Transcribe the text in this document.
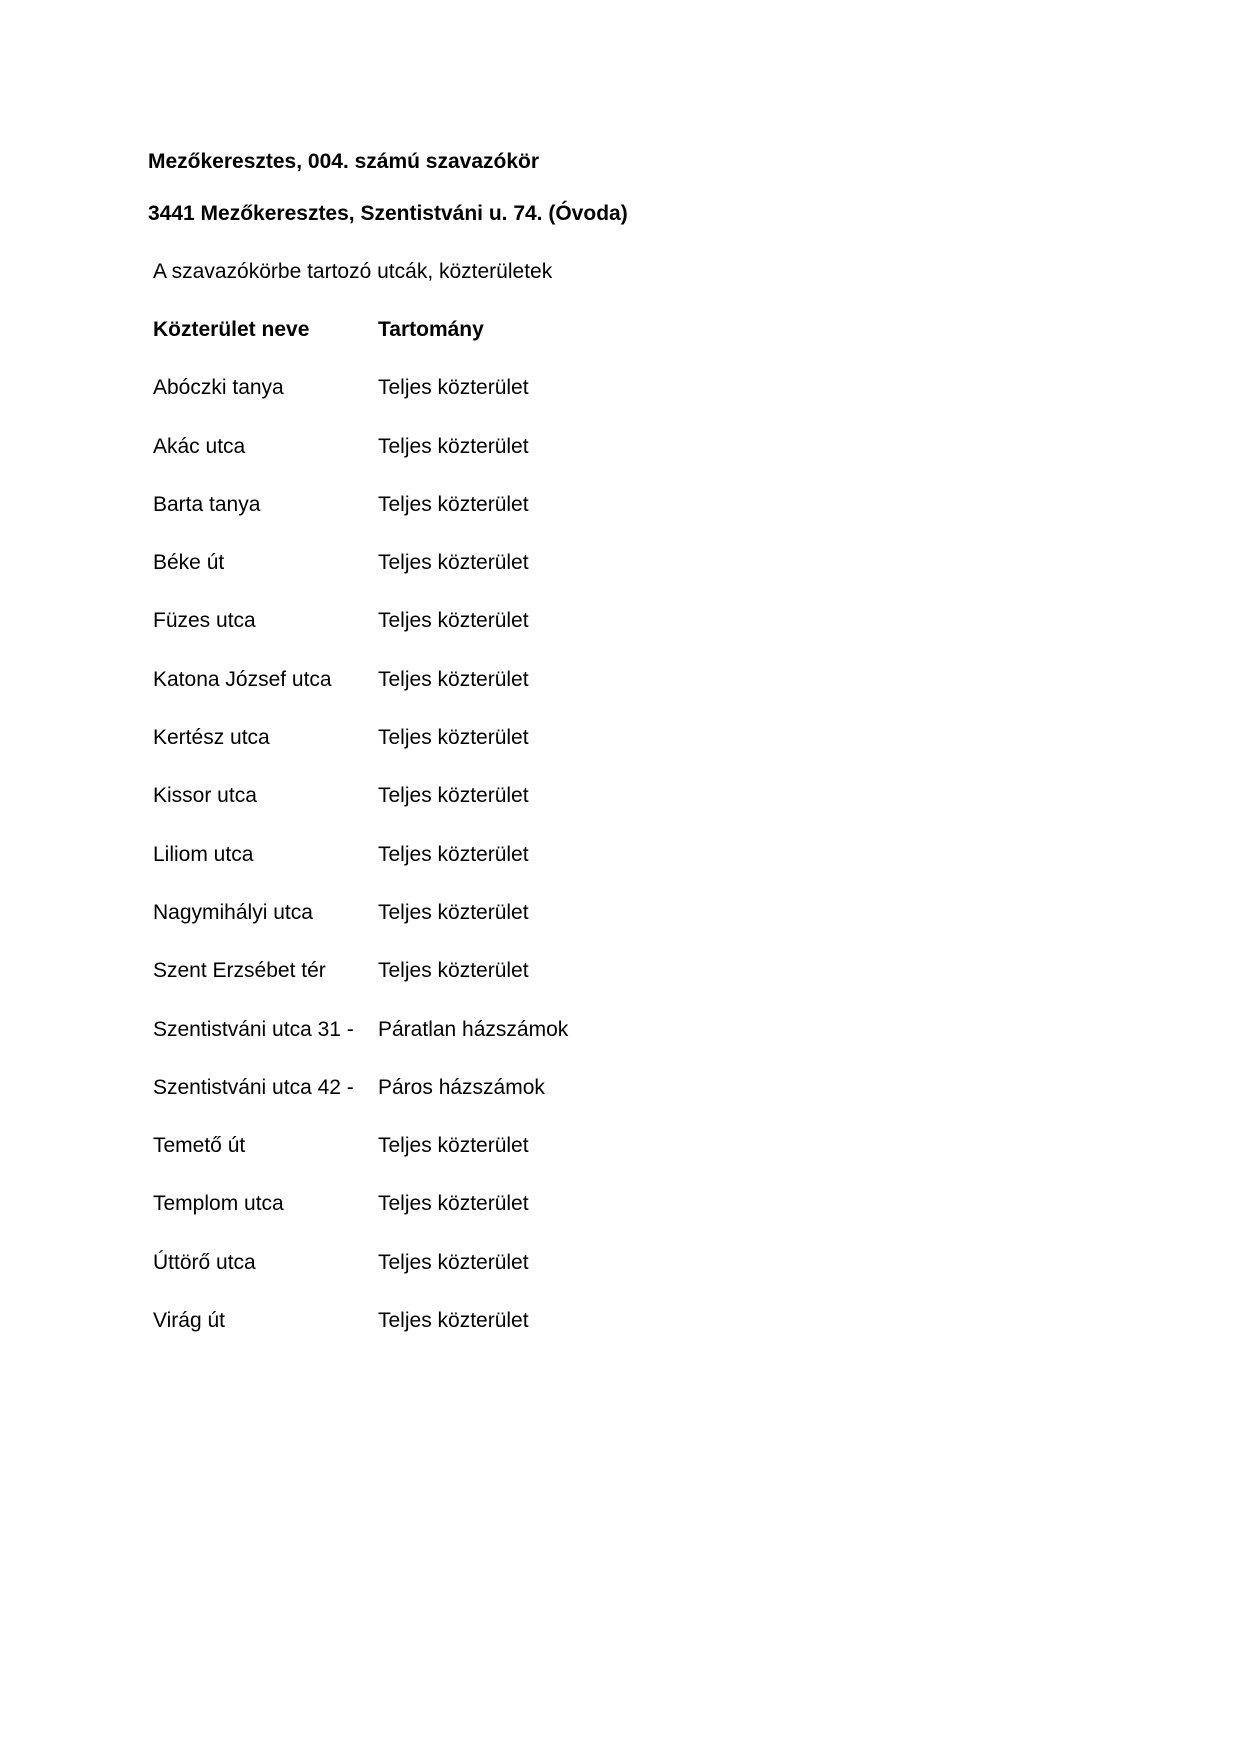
Mezőkeresztes, 004. számú szavazókör
3441 Mezőkeresztes, Szentistváni u. 74. (Óvoda)
A szavazókörbe tartozó utcák, közterületek
Közterület neve	Tartomány
Abóczki tanya	Teljes közterület
Akác utca	Teljes közterület
Barta tanya	Teljes közterület
Béke út	Teljes közterület
Füzes utca	Teljes közterület
Katona József utca	Teljes közterület
Kertész utca	Teljes közterület
Kissor utca	Teljes közterület
Liliom utca	Teljes közterület
Nagymihályi utca	Teljes közterület
Szent Erzsébet tér	Teljes közterület
Szentistváni utca 31 -	Páratlan házszámok
Szentistváni utca 42 -	Páros házszámok
Temető út	Teljes közterület
Templom utca	Teljes közterület
Úttörő utca	Teljes közterület
Virág út	Teljes közterület
